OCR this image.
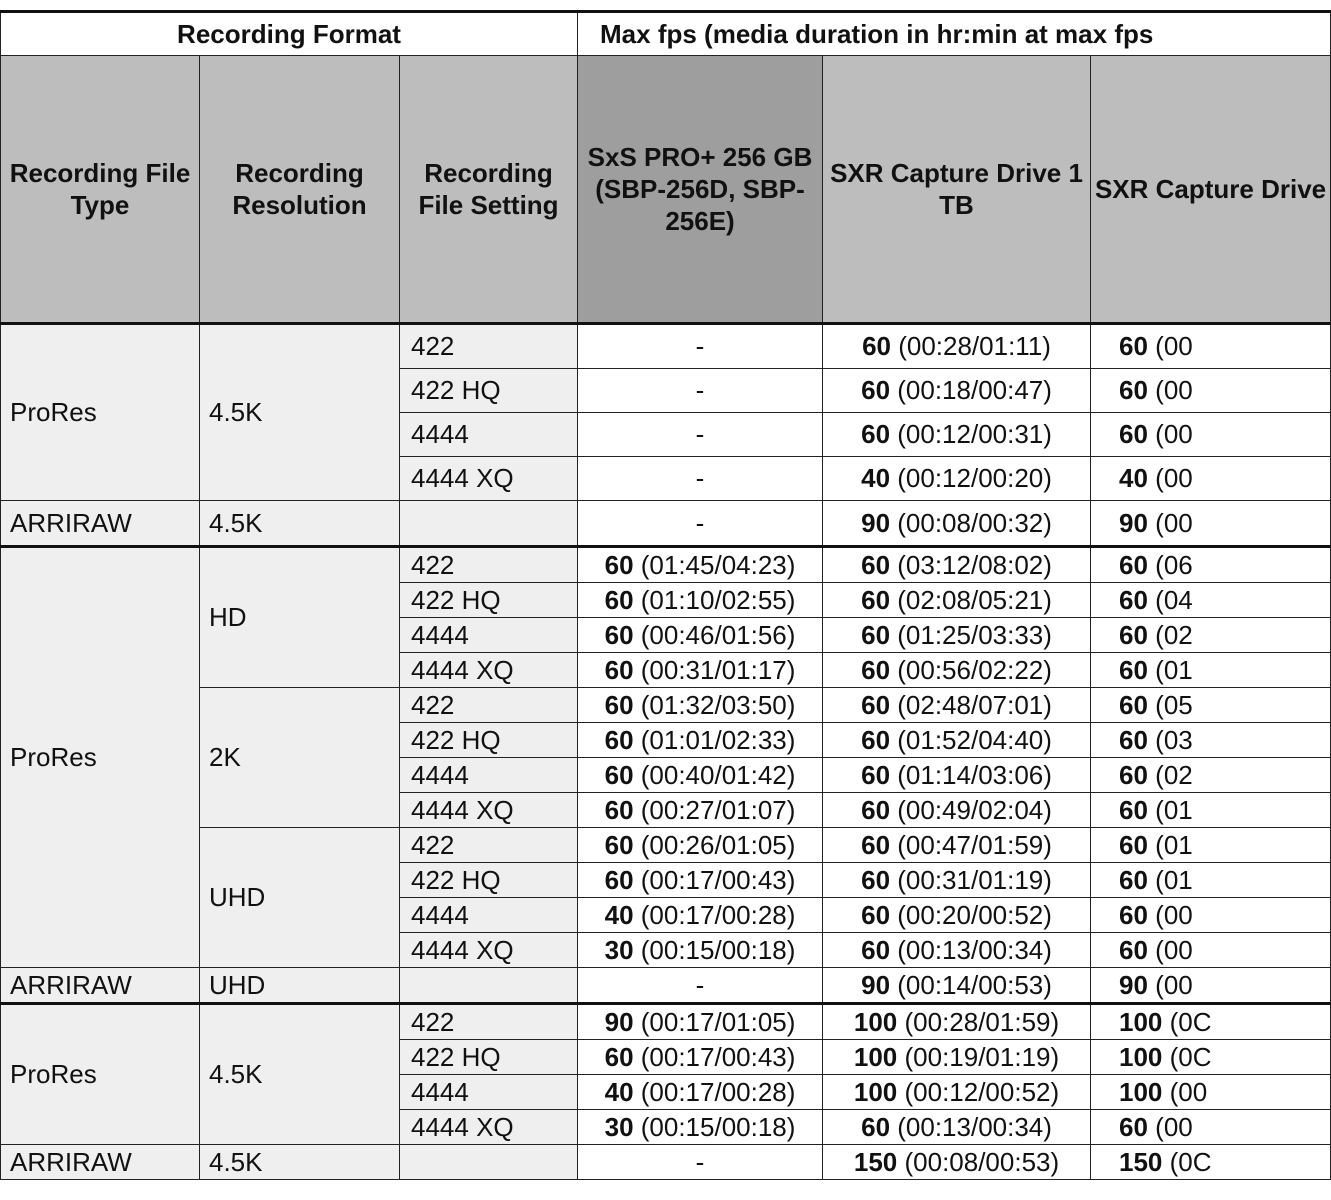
Recording Format			Max fps (media duration in hr:min at max fps		
Recording File Type	Recording Resolution	Recording File Setting	SxS PRO+ 256 GB (SBP-256D, SBP-256E)	SXR Capture Drive 1 TB	SXR Capture Drive
ProRes	4.5K	422	-	60 (00:28/01:11)	60 (00
		422 HQ	-	60 (00:18/00:47)	60 (00
		4444	-	60 (00:12/00:31)	60 (00
		4444 XQ	-	40 (00:12/00:20)	40 (00
ARRIRAW	4.5K		-	90 (00:08/00:32)	90 (00
ProRes	HD	422	60 (01:45/04:23)	60 (03:12/08:02)	60 (06
		422 HQ	60 (01:10/02:55)	60 (02:08/05:21)	60 (04
		4444	60 (00:46/01:56)	60 (01:25/03:33)	60 (02
		4444 XQ	60 (00:31/01:17)	60 (00:56/02:22)	60 (01
	2K	422	60 (01:32/03:50)	60 (02:48/07:01)	60 (05
		422 HQ	60 (01:01/02:33)	60 (01:52/04:40)	60 (03
		4444	60 (00:40/01:42)	60 (01:14/03:06)	60 (02
		4444 XQ	60 (00:27/01:07)	60 (00:49/02:04)	60 (01
	UHD	422	60 (00:26/01:05)	60 (00:47/01:59)	60 (01
		422 HQ	60 (00:17/00:43)	60 (00:31/01:19)	60 (01
		4444	40 (00:17/00:28)	60 (00:20/00:52)	60 (00
		4444 XQ	30 (00:15/00:18)	60 (00:13/00:34)	60 (00
ARRIRAW	UHD		-	90 (00:14/00:53)	90 (00
ProRes	4.5K	422	90 (00:17/01:05)	100 (00:28/01:59)	100 (0C
		422 HQ	60 (00:17/00:43)	100 (00:19/01:19)	100 (0C
		4444	40 (00:17/00:28)	100 (00:12/00:52)	100 (00
		4444 XQ	30 (00:15/00:18)	60 (00:13/00:34)	60 (00
ARRIRAW	4.5K		-	150 (00:08/00:53)	150 (0C
